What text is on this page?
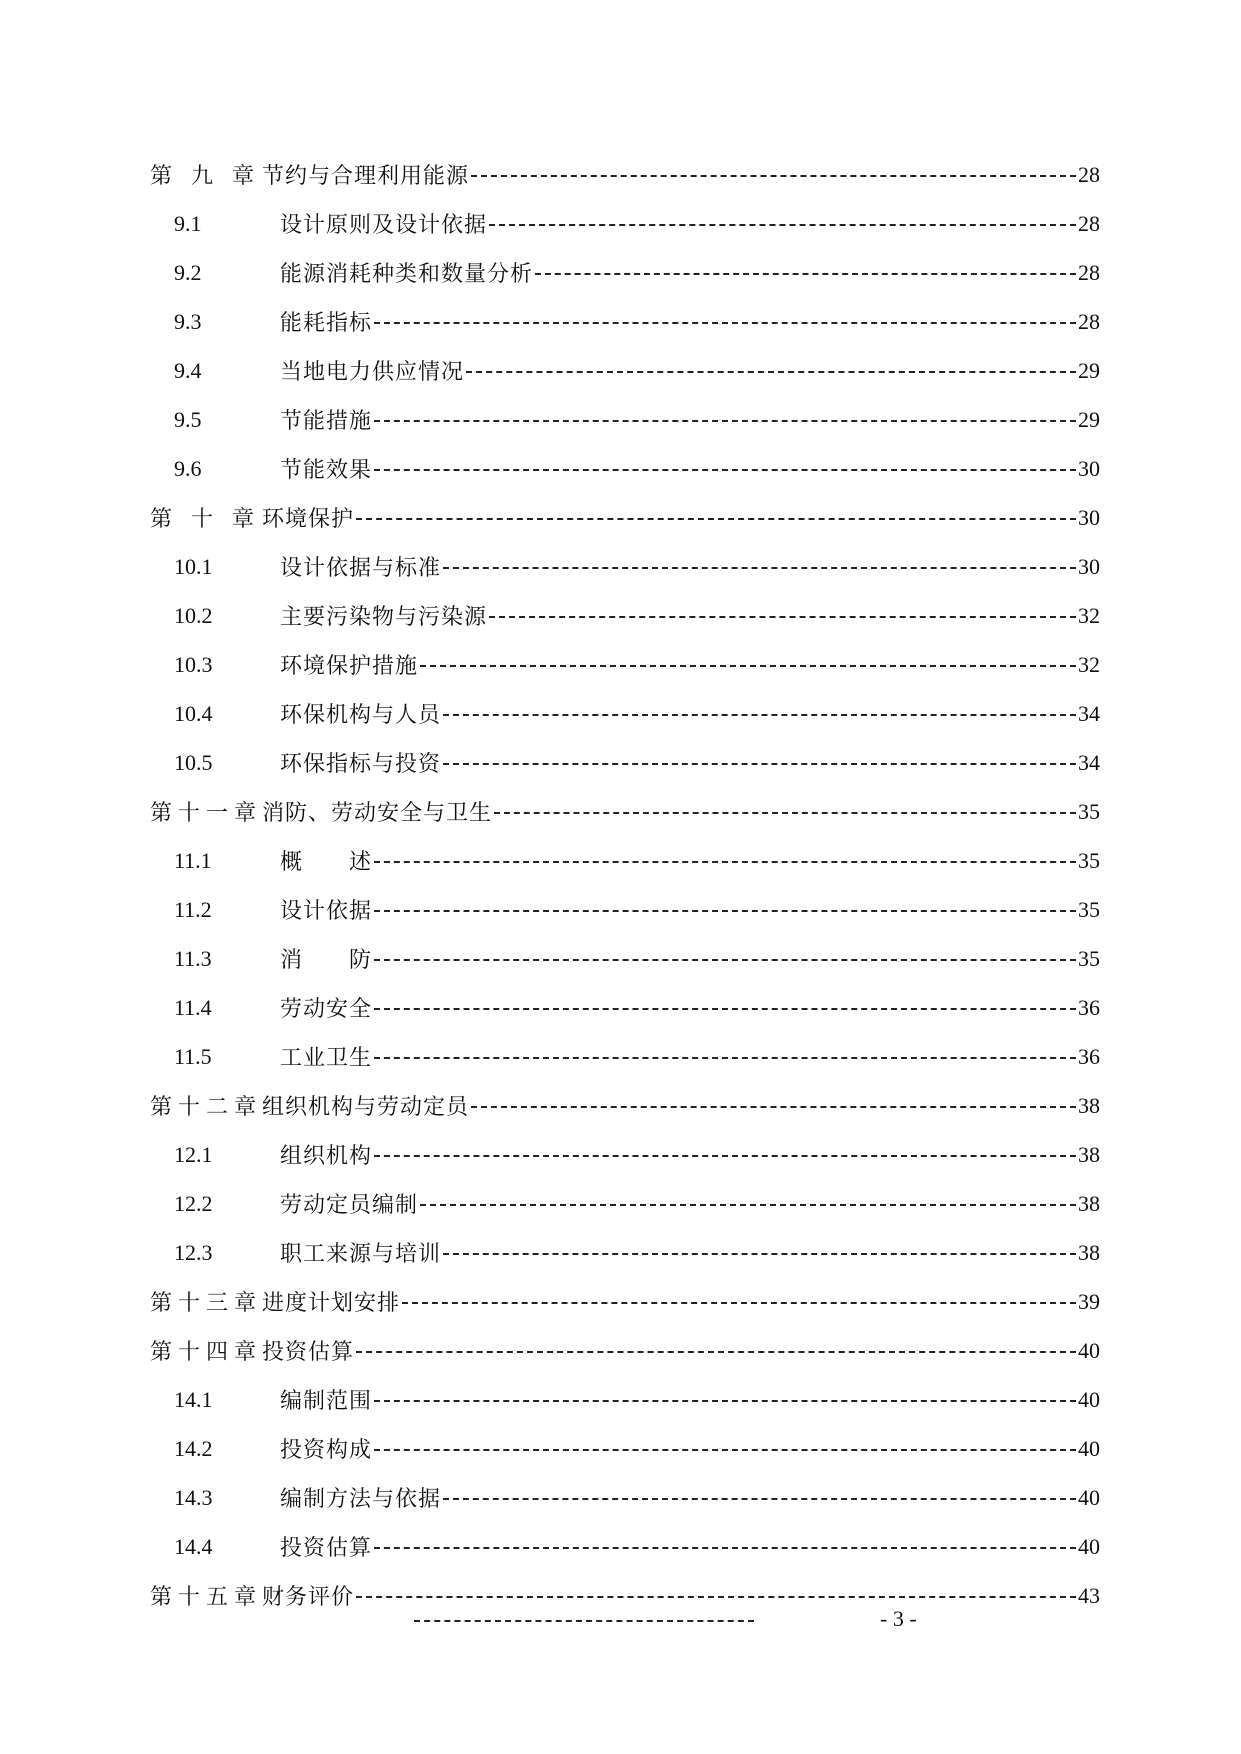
第 九 章 节约与合理利用能源	28
9.1	设计原则及设计依据	28
9.2	能源消耗种类和数量分析	28
9.3	能耗指标	28
9.4	当地电力供应情况	29
9.5	节能措施	29
9.6	节能效果	30
第 十 章 环境保护	30
10.1	设计依据与标准	30
10.2	主要污染物与污染源	32
10.3	环境保护措施	32
10.4	环保机构与人员	34
10.5	环保指标与投资	34
第十一章 消防、劳动安全与卫生	35
11.1	概　　述	35
11.2	设计依据	35
11.3	消　　防	35
11.4	劳动安全	36
11.5	工业卫生	36
第十二章 组织机构与劳动定员	38
12.1	组织机构	38
12.2	劳动定员编制	38
12.3	职工来源与培训	38
第十三章 进度计划安排	39
第十四章 投资估算	40
14.1	编制范围	40
14.2	投资构成	40
14.3	编制方法与依据	40
14.4	投资估算	40
第十五章 财务评价	43
- 3 -
